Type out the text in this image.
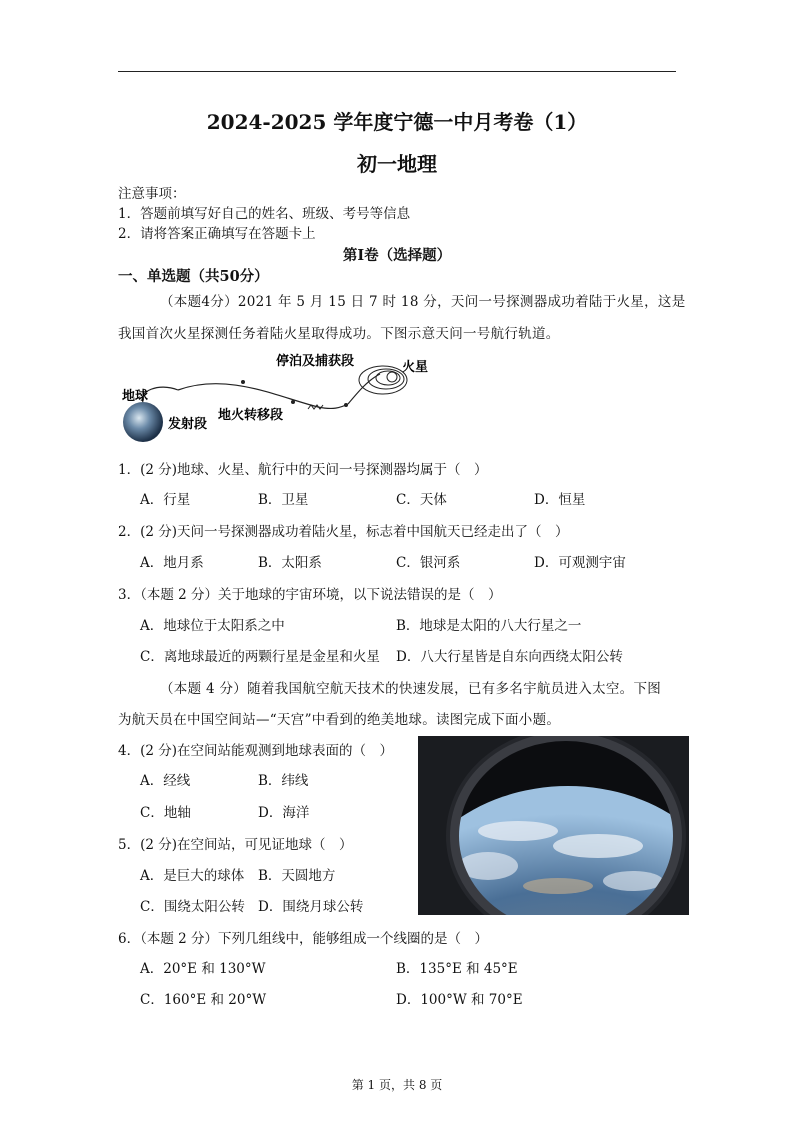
2024-2025 学年度宁德一中月考卷（1）
初一地理
注意事项：
1．答题前填写好自己的姓名、班级、考号等信息
2．请将答案正确填写在答题卡上
第Ⅰ卷（选择题）
一、单选题（共50分）
（本题4分）2021 年 5 月 15 日 7 时 18 分，天问一号探测器成功着陆于火星，这是
我国首次火星探测任务着陆火星取得成功。下图示意天问一号航行轨道。
停泊及捕获段	火星
地球
发射段
地火转移段
1．(2 分)地球、火星、航行中的天问一号探测器均属于（　）
A．行星	B．卫星	C．天体	D．恒星
2．(2 分)天问一号探测器成功着陆火星，标志着中国航天已经走出了（　）
A．地月系	B．太阳系	C．银河系	D．可观测宇宙
3．（本题 2 分）关于地球的宇宙环境，以下说法错误的是（　）
A．地球位于太阳系之中	B．地球是太阳的八大行星之一
C．离地球最近的两颗行星是金星和火星 D．八大行星皆是自东向西绕太阳公转
（本题 4 分）随着我国航空航天技术的快速发展，已有多名宇航员进入太空。下图
为航天员在中国空间站—“天宫”中看到的绝美地球。读图完成下面小题。
4．(2 分)在空间站能观测到地球表面的（　）
A．经线	B．纬线
C．地轴	D．海洋
5．(2 分)在空间站，可见证地球（　）
A．是巨大的球体 B．天圆地方
C．围绕太阳公转 D．围绕月球公转
6．（本题 2 分）下列几组线中，能够组成一个线圈的是（　）
A．20°E 和 130°W	B．135°E 和 45°E
C．160°E 和 20°W	D．100°W 和 70°E
第 1 页，共 8 页
